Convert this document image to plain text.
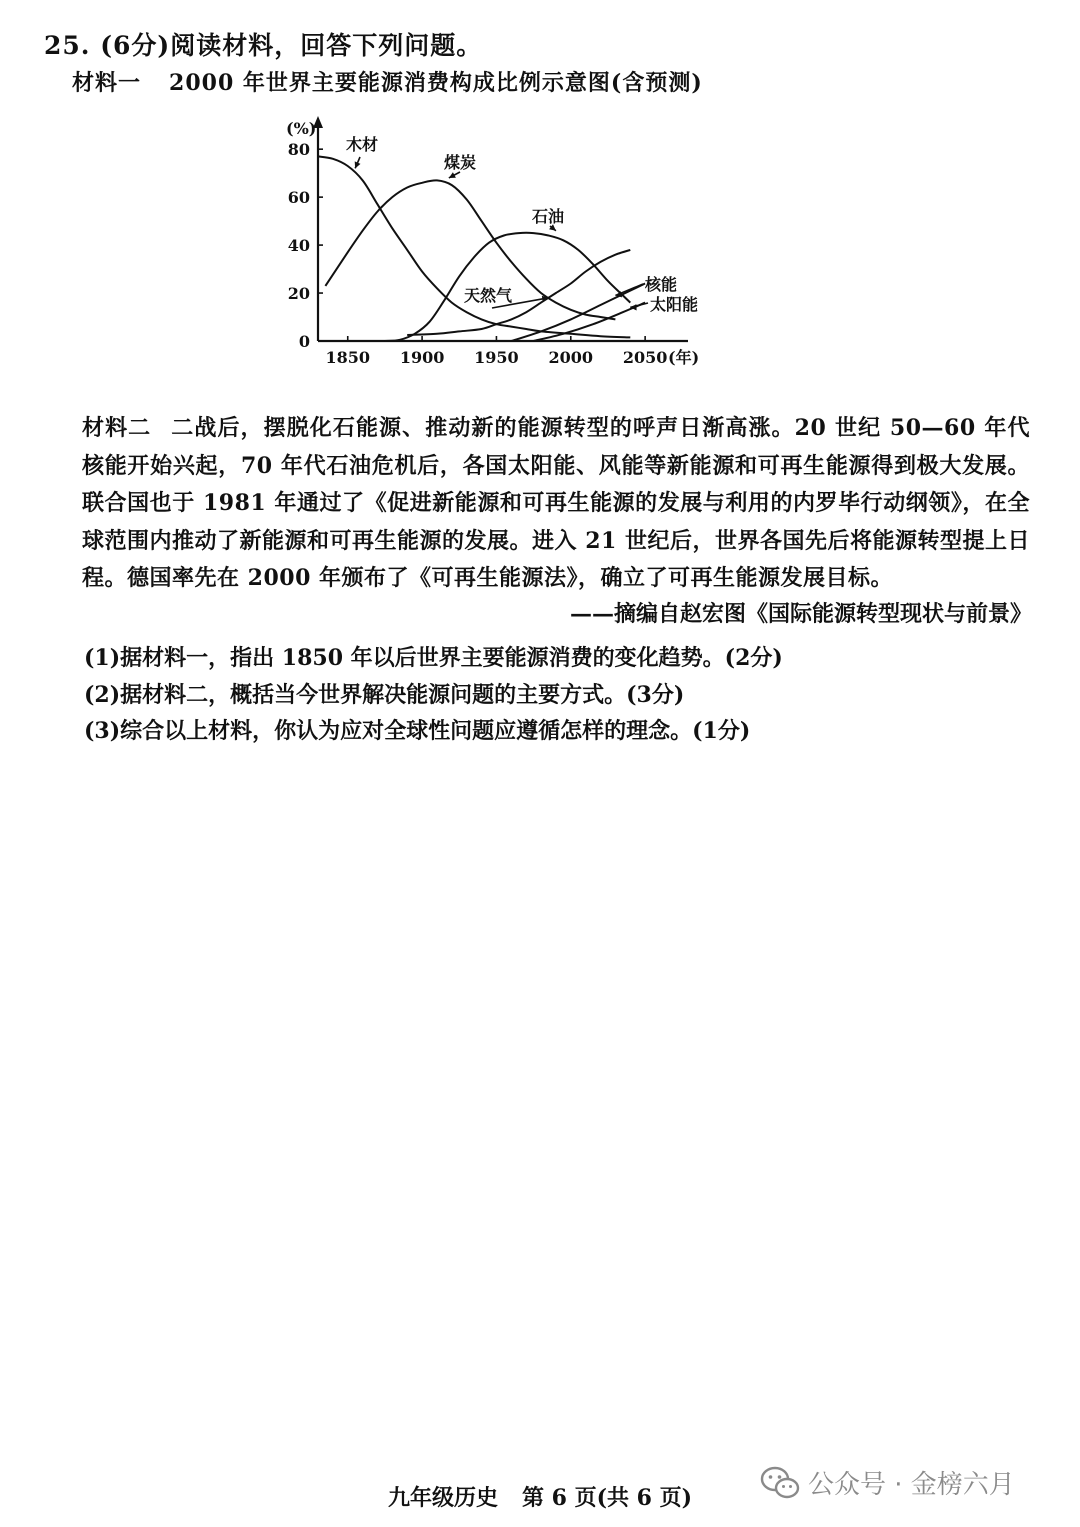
25. (6分)阅读材料，回答下列问题。
材料一 2000 年世界主要能源消费构成比例示意图(含预测)
0
20
40
60
80
1850 1900 1950 2000 2050
(%)
(年)
木材
煤炭
石油
天然气
核能
太阳能
材料二 二战后，摆脱化石能源、推动新的能源转型的呼声日渐高涨。20 世纪 50—60 年代核能开始兴起，70 年代石油危机后，各国太阳能、风能等新能源和可再生能源得到极大发展。联合国也于 1981 年通过了《促进新能源和可再生能源的发展与利用的内罗毕行动纲领》，在全球范围内推动了新能源和可再生能源的发展。进入 21 世纪后，世界各国先后将能源转型提上日程。德国率先在 2000 年颁布了《可再生能源法》，确立了可再生能源发展目标。
——摘编自赵宏图《国际能源转型现状与前景》
(1)据材料一，指出 1850 年以后世界主要能源消费的变化趋势。(2分)
(2)据材料二，概括当今世界解决能源问题的主要方式。(3分)
(3)综合以上材料，你认为应对全球性问题应遵循怎样的理念。(1分)
九年级历史 第 6 页(共 6 页)	公众号 · 金榜六月
